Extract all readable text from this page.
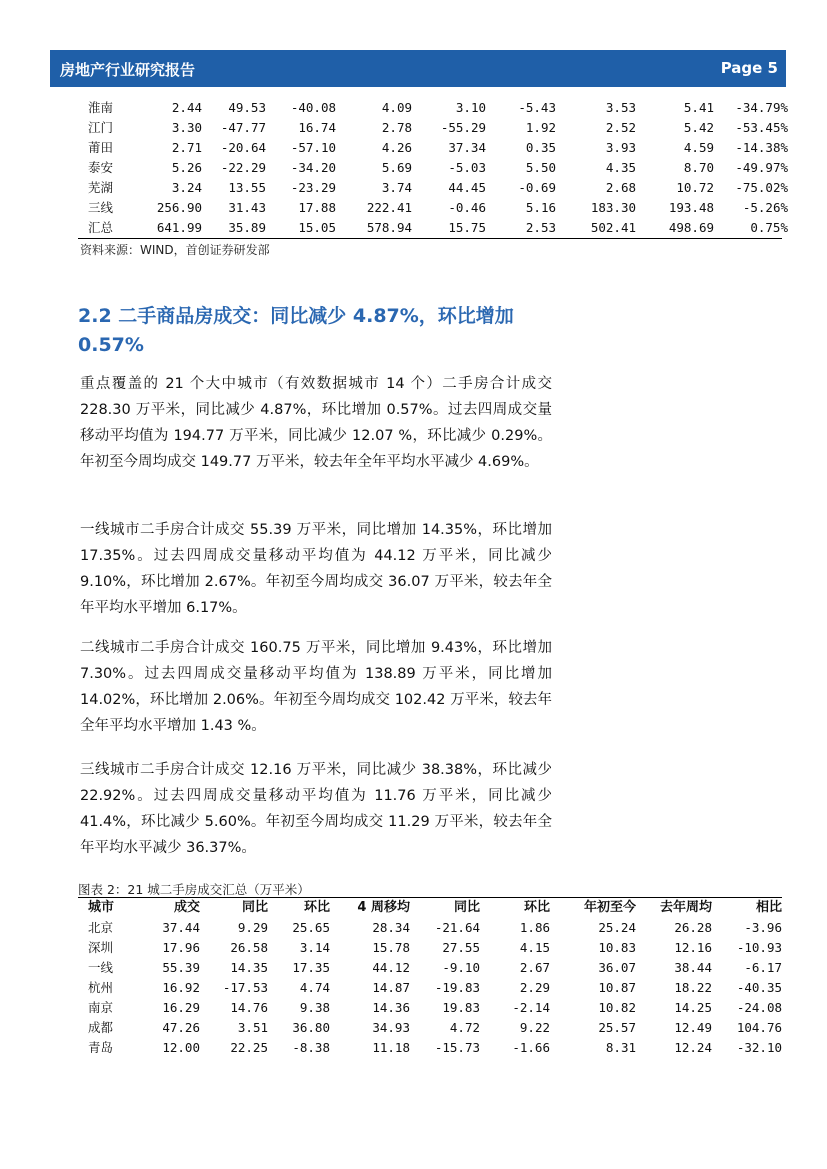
房地产行业研究报告	Page 5
淮南	2.44	49.53	-40.08	4.09	3.10	-5.43	3.53	5.41	-34.79%
江门	3.30	-47.77	16.74	2.78	-55.29	1.92	2.52	5.42	-53.45%
莆田	2.71	-20.64	-57.10	4.26	37.34	0.35	3.93	4.59	-14.38%
泰安	5.26	-22.29	-34.20	5.69	-5.03	5.50	4.35	8.70	-49.97%
芜湖	3.24	13.55	-23.29	3.74	44.45	-0.69	2.68	10.72	-75.02%
三线	256.90	31.43	17.88	222.41	-0.46	5.16	183.30	193.48	-5.26%
汇总	641.99	35.89	15.05	578.94	15.75	2.53	502.41	498.69	0.75%
资料来源：WIND，首创证券研发部
2.2 二手商品房成交：同比减少 4.87%，环比增加 0.57%
重点覆盖的 21 个大中城市（有效数据城市 14 个）二手房合计成交 228.30 万平米，同比减少 4.87%，环比增加 0.57%。过去四周成交量移动平均值为 194.77 万平米，同比减少 12.07 %，环比减少 0.29%。年初至今周均成交 149.77 万平米，较去年全年平均水平减少 4.69%。
一线城市二手房合计成交 55.39 万平米，同比增加 14.35%，环比增加 17.35%。过去四周成交量移动平均值为 44.12 万平米，同比减少 9.10%，环比增加 2.67%。年初至今周均成交 36.07 万平米，较去年全年平均水平增加 6.17%。
二线城市二手房合计成交 160.75 万平米，同比增加 9.43%，环比增加 7.30%。过去四周成交量移动平均值为 138.89 万平米，同比增加 14.02%，环比增加 2.06%。年初至今周均成交 102.42 万平米，较去年全年平均水平增加 1.43 %。
三线城市二手房合计成交 12.16 万平米，同比减少 38.38%，环比减少 22.92%。过去四周成交量移动平均值为 11.76 万平米，同比减少 41.4%，环比减少 5.60%。年初至今周均成交 11.29 万平米，较去年全年平均水平减少 36.37%。
图表 2：21 城二手房成交汇总（万平米）
城市	成交	同比	环比	4 周移均	同比	环比	年初至今	去年周均	相比
北京	37.44	9.29	25.65	28.34	-21.64	1.86	25.24	26.28	-3.96
深圳	17.96	26.58	3.14	15.78	27.55	4.15	10.83	12.16	-10.93
一线	55.39	14.35	17.35	44.12	-9.10	2.67	36.07	38.44	-6.17
杭州	16.92	-17.53	4.74	14.87	-19.83	2.29	10.87	18.22	-40.35
南京	16.29	14.76	9.38	14.36	19.83	-2.14	10.82	14.25	-24.08
成都	47.26	3.51	36.80	34.93	4.72	9.22	25.57	12.49	104.76
青岛	12.00	22.25	-8.38	11.18	-15.73	-1.66	8.31	12.24	-32.10
